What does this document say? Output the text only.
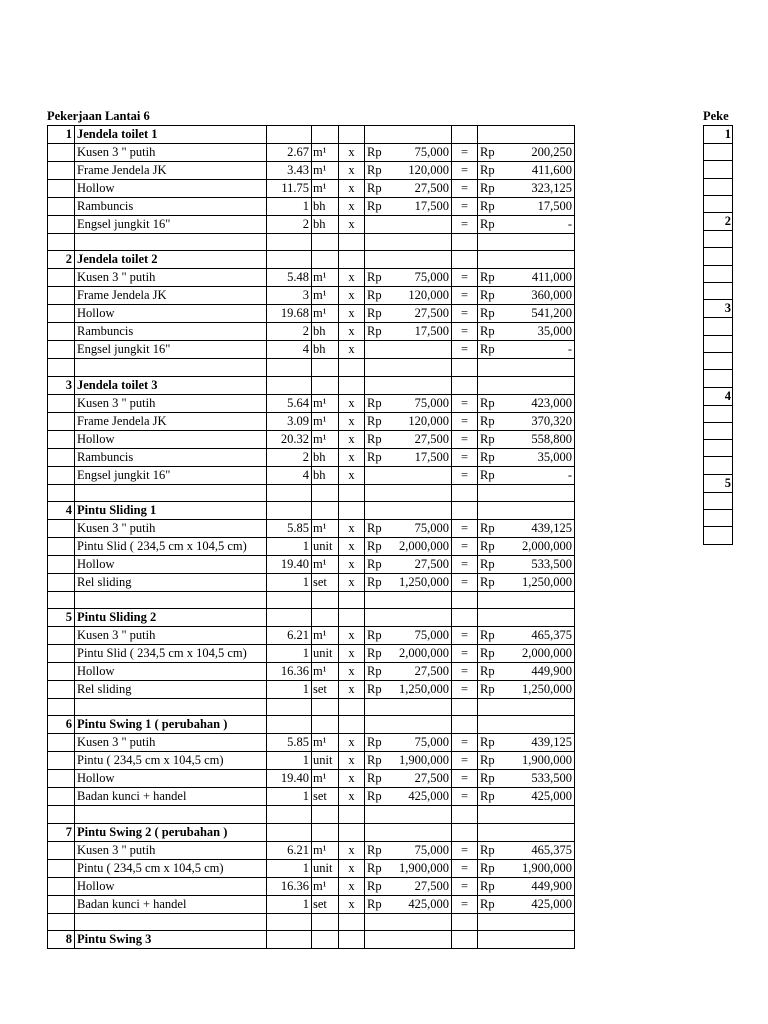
Pekerjaan Lantai 6	Peke
1	Jendela toilet 1								
	Kusen 3 " putih	2.67	m¹	x	Rp	75,000	=	Rp	200,250
	Frame Jendela JK	3.43	m¹	x	Rp	120,000	=	Rp	411,600
	Hollow	11.75	m¹	x	Rp	27,500	=	Rp	323,125
	Rambuncis	1	bh	x	Rp	17,500	=	Rp	17,500
	Engsel jungkit 16"	2	bh	x			=	Rp	-

2	Jendela toilet 2								
	Kusen 3 " putih	5.48	m¹	x	Rp	75,000	=	Rp	411,000
	Frame Jendela JK	3	m¹	x	Rp	120,000	=	Rp	360,000
	Hollow	19.68	m¹	x	Rp	27,500	=	Rp	541,200
	Rambuncis	2	bh	x	Rp	17,500	=	Rp	35,000
	Engsel jungkit 16"	4	bh	x			=	Rp	-

3	Jendela toilet 3								
	Kusen 3 " putih	5.64	m¹	x	Rp	75,000	=	Rp	423,000
	Frame Jendela JK	3.09	m¹	x	Rp	120,000	=	Rp	370,320
	Hollow	20.32	m¹	x	Rp	27,500	=	Rp	558,800
	Rambuncis	2	bh	x	Rp	17,500	=	Rp	35,000
	Engsel jungkit 16"	4	bh	x			=	Rp	-

4	Pintu Sliding 1								
	Kusen 3 " putih	5.85	m¹	x	Rp	75,000	=	Rp	439,125
	Pintu Slid ( 234,5 cm x 104,5 cm)	1	unit	x	Rp	2,000,000	=	Rp	2,000,000
	Hollow	19.40	m¹	x	Rp	27,500	=	Rp	533,500
	Rel sliding	1	set	x	Rp	1,250,000	=	Rp	1,250,000

5	Pintu Sliding 2								
	Kusen 3 " putih	6.21	m¹	x	Rp	75,000	=	Rp	465,375
	Pintu Slid ( 234,5 cm x 104,5 cm)	1	unit	x	Rp	2,000,000	=	Rp	2,000,000
	Hollow	16.36	m¹	x	Rp	27,500	=	Rp	449,900
	Rel sliding	1	set	x	Rp	1,250,000	=	Rp	1,250,000

6	Pintu Swing 1 ( perubahan )								
	Kusen 3 " putih	5.85	m¹	x	Rp	75,000	=	Rp	439,125
	Pintu ( 234,5 cm x 104,5 cm)	1	unit	x	Rp	1,900,000	=	Rp	1,900,000
	Hollow	19.40	m¹	x	Rp	27,500	=	Rp	533,500
	Badan kunci + handel	1	set	x	Rp	425,000	=	Rp	425,000

7	Pintu Swing 2 ( perubahan )								
	Kusen 3 " putih	6.21	m¹	x	Rp	75,000	=	Rp	465,375
	Pintu ( 234,5 cm x 104,5 cm)	1	unit	x	Rp	1,900,000	=	Rp	1,900,000
	Hollow	16.36	m¹	x	Rp	27,500	=	Rp	449,900
	Badan kunci + handel	1	set	x	Rp	425,000	=	Rp	425,000

8	Pintu Swing 3								
1

2

3

4

5
